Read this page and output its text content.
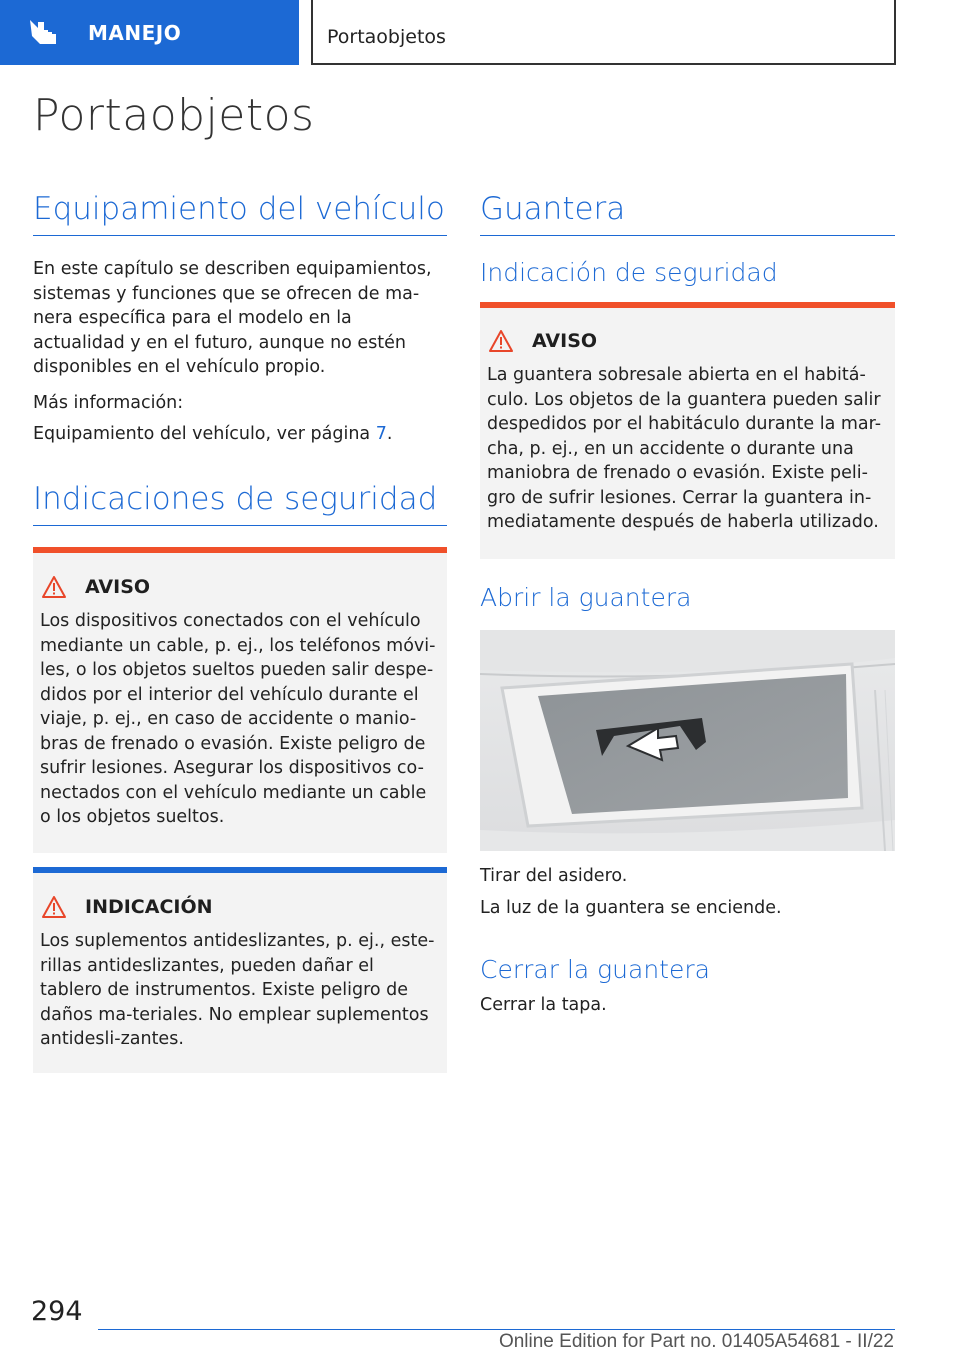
MANEJO	Portaobjetos
Portaobjetos
Equipamiento del vehículo
En este capítulo se describen equipamientos, sistemas y funciones que se ofrecen de ma-nera específica para el modelo en la actualidad y en el futuro, aunque no estén disponibles en el vehículo propio.
Más información:
Equipamiento del vehículo, ver página 7.
Indicaciones de seguridad
AVISO
Los dispositivos conectados con el vehículo mediante un cable, p. ej., los teléfonos móvi-les, o los objetos sueltos pueden salir despe-didos por el interior del vehículo durante el viaje, p. ej., en caso de accidente o manio-bras de frenado o evasión. Existe peligro de sufrir lesiones. Asegurar los dispositivos co-nectados con el vehículo mediante un cable o los objetos sueltos.
INDICACIÓN
Los suplementos antideslizantes, p. ej., este-rillas antideslizantes, pueden dañar el tablero de instrumentos. Existe peligro de daños ma-teriales. No emplear suplementos antidesli-zantes.
Guantera
Indicación de seguridad
AVISO
La guantera sobresale abierta en el habitá-culo. Los objetos de la guantera pueden salir despedidos por el habitáculo durante la mar-cha, p. ej., en un accidente o durante una maniobra de frenado o evasión. Existe peli-gro de sufrir lesiones. Cerrar la guantera in-mediatamente después de haberla utilizado.
Abrir la guantera
Tirar del asidero.
La luz de la guantera se enciende.
Cerrar la guantera
Cerrar la tapa.
294
Online Edition for Part no. 01405A54681 - II/22
